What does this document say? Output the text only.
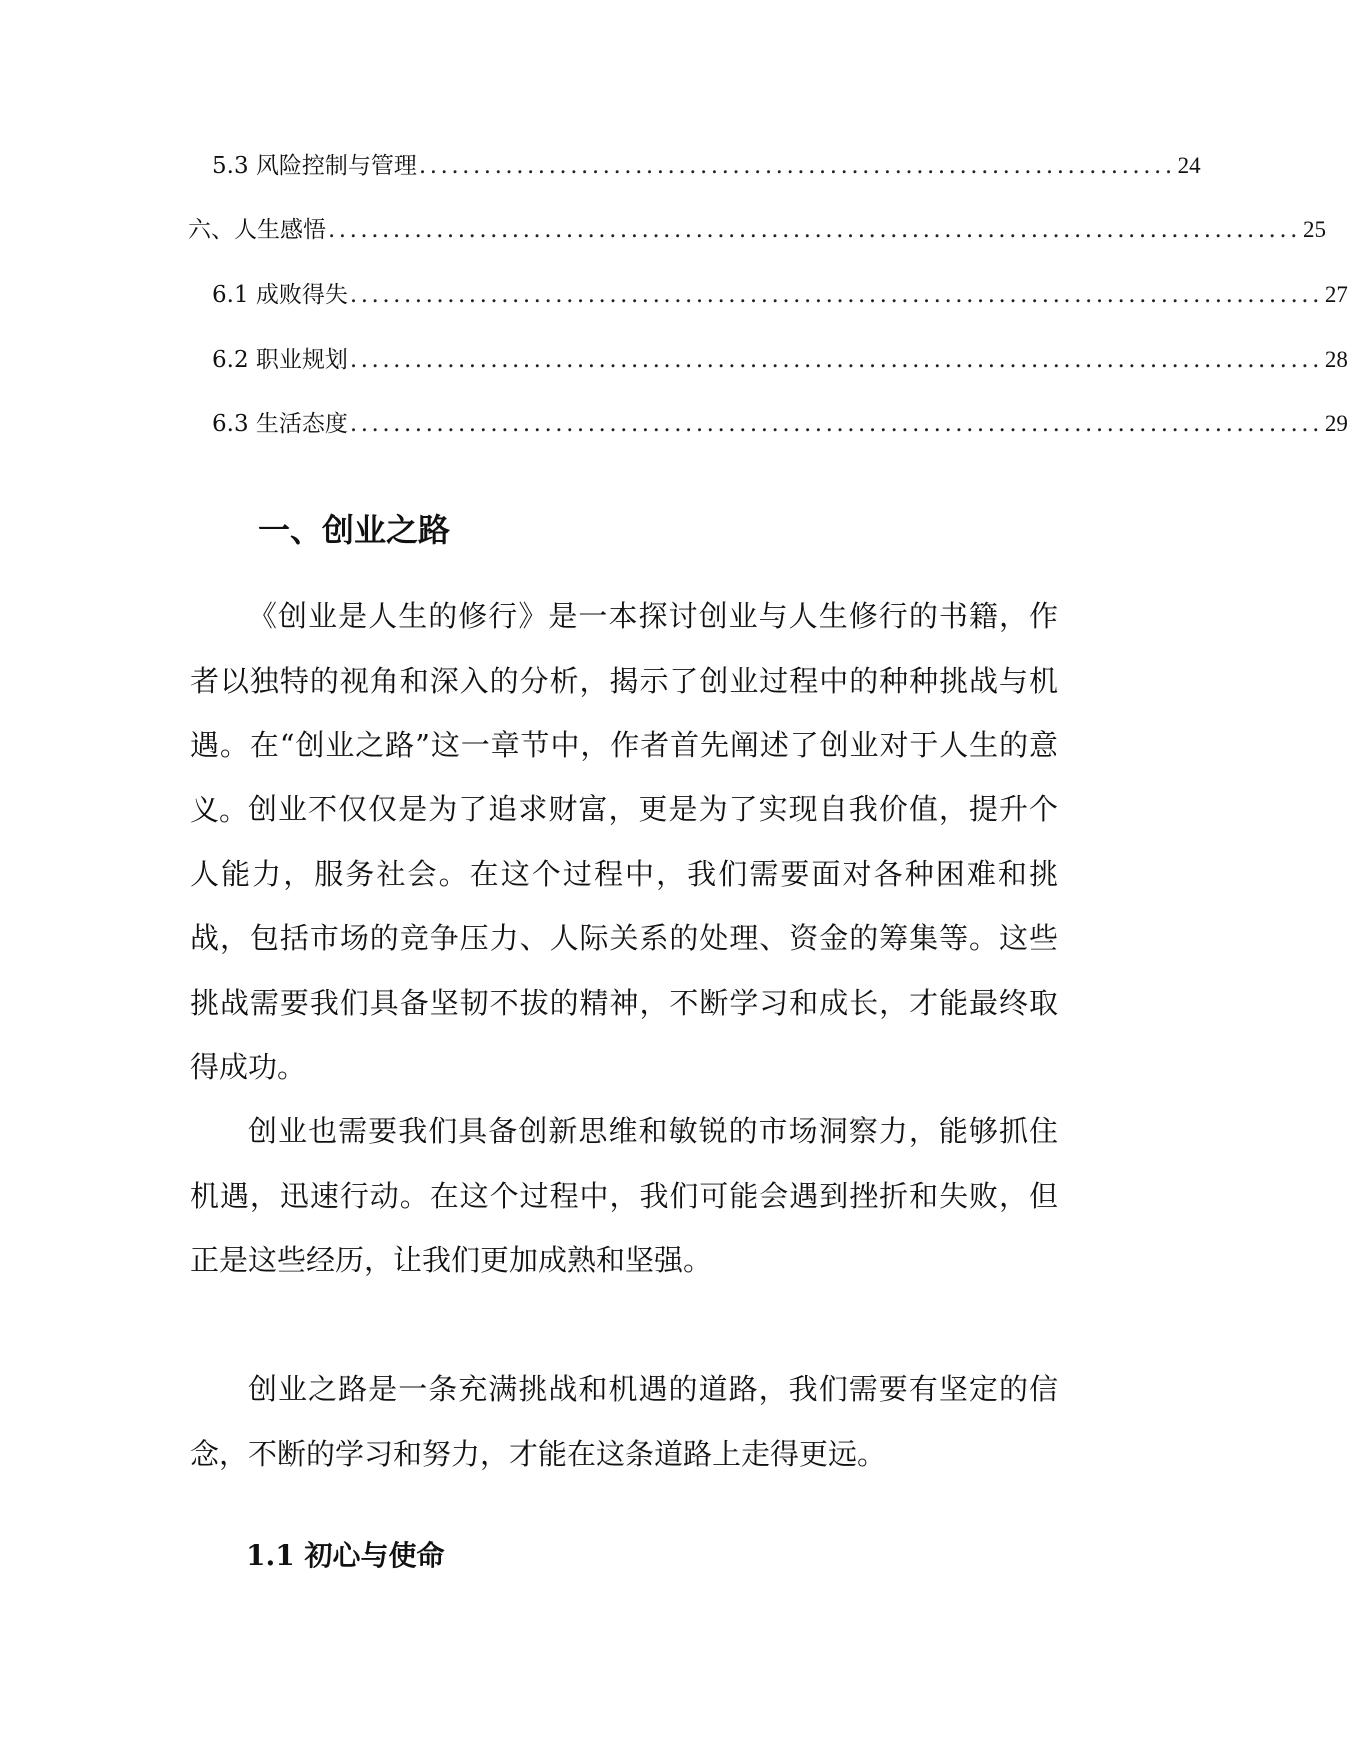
5.3 风险控制与管理 ...................................................................... 24
六、人生感悟 .......................................................................................... 25
6.1 成败得失 .......................................................................................... 27
6.2 职业规划 .......................................................................................... 28
6.3 生活态度 .......................................................................................... 29
一、创业之路

《创业是人生的修行》是一本探讨创业与人生修行的书籍，作者以独特的视角和深入的分析，揭示了创业过程中的种种挑战与机遇。在“创业之路”这一章节中，作者首先阐述了创业对于人生的意义。 创业不仅仅是为了追求财富，更是为了实现自我价值，提升个人能力，服务社会。在这个过程中，我们需要面对各种困难和挑战，包括市场的竞争压力、人际关系的处理、资金的筹集等。这些挑战需要我们具备坚韧不拔的精神，不断学习和成长，才能最终取得成功。

创业也需要我们具备创新思维和敏锐的市场洞察力，能够抓住机遇，迅速行动。在这个过程中，我们可能会遇到挫折和失败，但正是这些经历，让我们更加成熟和坚强。

创业之路是一条充满挑战和机遇的道路，我们需要有坚定的信念，不断的学习和努力，才能在这条道路上走得更远。

1.1 初心与使命
